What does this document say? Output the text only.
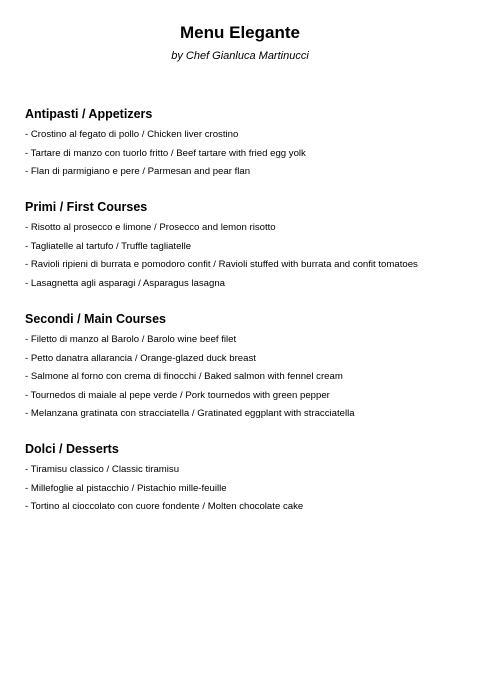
Menu Elegante

by Chef Gianluca Martinucci

Antipasti / Appetizers
- Crostino al fegato di pollo / Chicken liver crostino
- Tartare di manzo con tuorlo fritto / Beef tartare with fried egg yolk
- Flan di parmigiano e pere / Parmesan and pear flan
Primi / First Courses
- Risotto al prosecco e limone / Prosecco and lemon risotto
- Tagliatelle al tartufo / Truffle tagliatelle
- Ravioli ripieni di burrata e pomodoro confit / Ravioli stuffed with burrata and confit tomatoes
- Lasagnetta agli asparagi / Asparagus lasagna
Secondi / Main Courses
- Filetto di manzo al Barolo / Barolo wine beef filet
- Petto danatra allarancia / Orange-glazed duck breast
- Salmone al forno con crema di finocchi / Baked salmon with fennel cream
- Tournedos di maiale al pepe verde / Pork tournedos with green pepper
- Melanzana gratinata con stracciatella / Gratinated eggplant with stracciatella
Dolci / Desserts
- Tiramisu classico / Classic tiramisu
- Millefoglie al pistacchio / Pistachio mille-feuille
- Tortino al cioccolato con cuore fondente / Molten chocolate cake
